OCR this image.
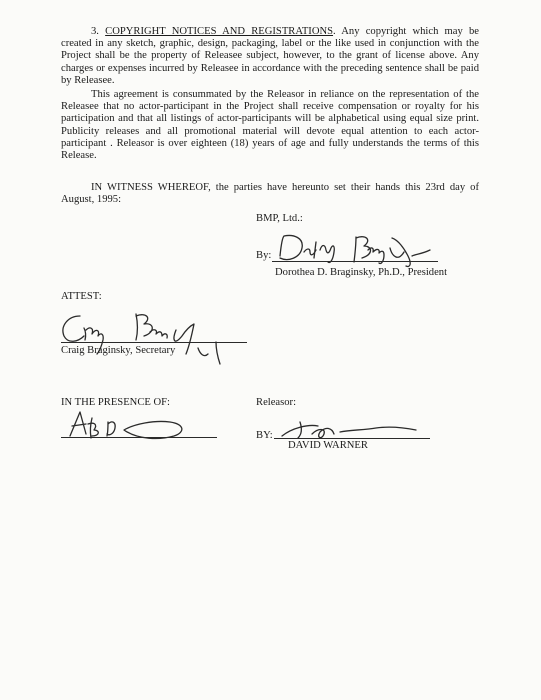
3. COPYRIGHT NOTICES AND REGISTRATIONS. Any copyright which may be created in any sketch, graphic, design, packaging, label or the like used in conjunction with the Project shall be the property of Releasee subject, however, to the grant of license above. Any charges or expenses incurred by Releasee in accordance with the preceding sentence shall be paid by Releasee.
This agreement is consummated by the Releasor in reliance on the representation of the Releasee that no actor-participant in the Project shall receive compensation or royalty for his participation and that all listings of actor-participants will be alphabetical using equal size print. Publicity releases and all promotional material will devote equal attention to each actor-participant . Releasor is over eighteen (18) years of age and fully understands the terms of this Release.
IN WITNESS WHEREOF, the parties have hereunto set their hands this 23rd day of August, 1995:
BMP, Ltd.:
By:
Dorothea D. Braginsky, Ph.D., President
ATTEST:
Craig Braginsky, Secretary
IN THE PRESENCE OF:	Releasor:
BY:
DAVID WARNER
